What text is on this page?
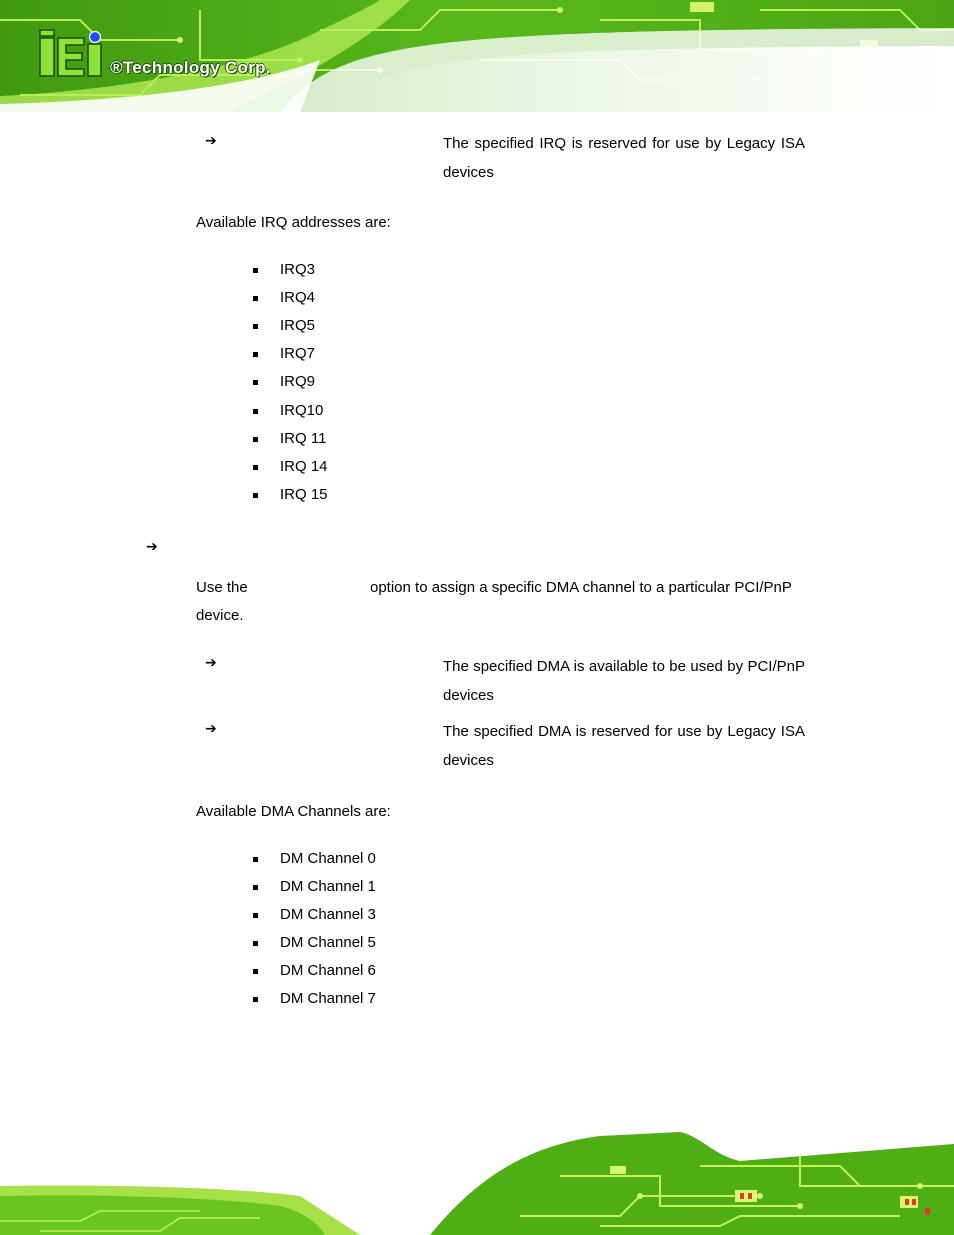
®Technology Corp.
➔	The specified IRQ is reserved for use by Legacy ISA devices
Available IRQ addresses are:
IRQ3
IRQ4
IRQ5
IRQ7
IRQ9
IRQ10
IRQ 11
IRQ 14
IRQ 15
➔
Use the	option to assign a specific DMA channel to a particular PCI/PnP
device.
➔	The specified DMA is available to be used by PCI/PnP devices
➔	The specified DMA is reserved for use by Legacy ISA devices
Available DMA Channels are:
DM Channel 0
DM Channel 1
DM Channel 3
DM Channel 5
DM Channel 6
DM Channel 7
